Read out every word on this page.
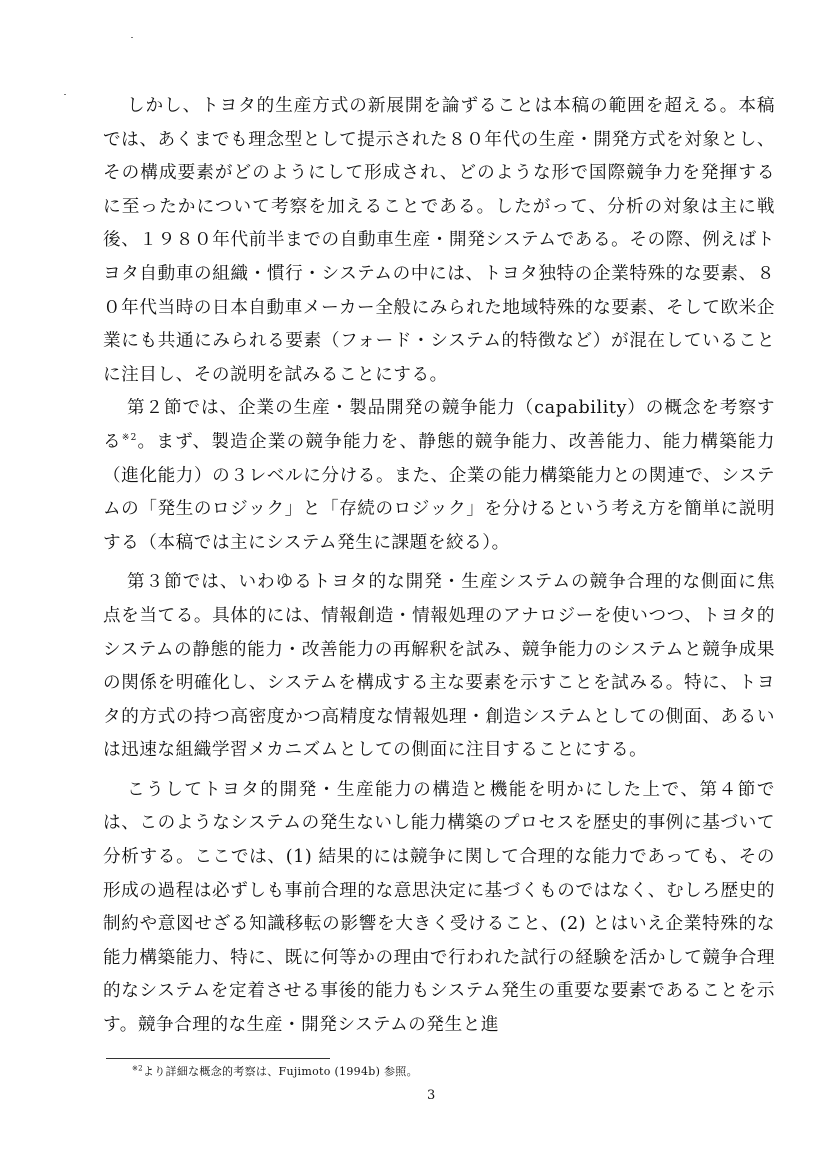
しかし、トヨタ的生産方式の新展開を論ずることは本稿の範囲を超える。本稿では、あくまでも理念型として提示された８０年代の生産・開発方式を対象とし、その構成要素がどのようにして形成され、どのような形で国際競争力を発揮するに至ったかについて考察を加えることである。したがって、分析の対象は主に戦後、１９８０年代前半までの自動車生産・開発システムである。その際、例えばトヨタ自動車の組織・慣行・システムの中には、トヨタ独特の企業特殊的な要素、８０年代当時の日本自動車メーカー全般にみられた地域特殊的な要素、そして欧米企業にも共通にみられる要素（フォード・システム的特徴など）が混在していることに注目し、その説明を試みることにする。

第２節では、企業の生産・製品開発の競争能力（capability）の概念を考察する$^{※2}$。まず、製造企業の競争能力を、静態的競争能力、改善能力、能力構築能力（進化能力）の３レベルに分ける。また、企業の能力構築能力との関連で、システムの「発生のロジック」と「存続のロジック」を分けるという考え方を簡単に説明する（本稿では主にシステム発生に課題を絞る）。

第３節では、いわゆるトヨタ的な開発・生産システムの競争合理的な側面に焦点を当てる。具体的には、情報創造・情報処理のアナロジーを使いつつ、トヨタ的システムの静態的能力・改善能力の再解釈を試み、競争能力のシステムと競争成果の関係を明確化し、システムを構成する主な要素を示すことを試みる。特に、トヨタ的方式の持つ高密度かつ高精度な情報処理・創造システムとしての側面、あるいは迅速な組織学習メカニズムとしての側面に注目することにする。

こうしてトヨタ的開発・生産能力の構造と機能を明かにした上で、第４節では、このようなシステムの発生ないし能力構築のプロセスを歴史的事例に基づいて分析する。ここでは、(1) 結果的には競争に関して合理的な能力であっても、その形成の過程は必ずしも事前合理的な意思決定に基づくものではなく、むしろ歴史的制約や意図せざる知識移転の影響を大きく受けること、(2) とはいえ企業特殊的な能力構築能力、特に、既に何等かの理由で行われた試行の経験を活かして競争合理的なシステムを定着させる事後的能力もシステム発生の重要な要素であることを示す。競争合理的な生産・開発システムの発生と進

$^{※2}$より詳細な概念的考察は、Fujimoto (1994b) 参照。
3
